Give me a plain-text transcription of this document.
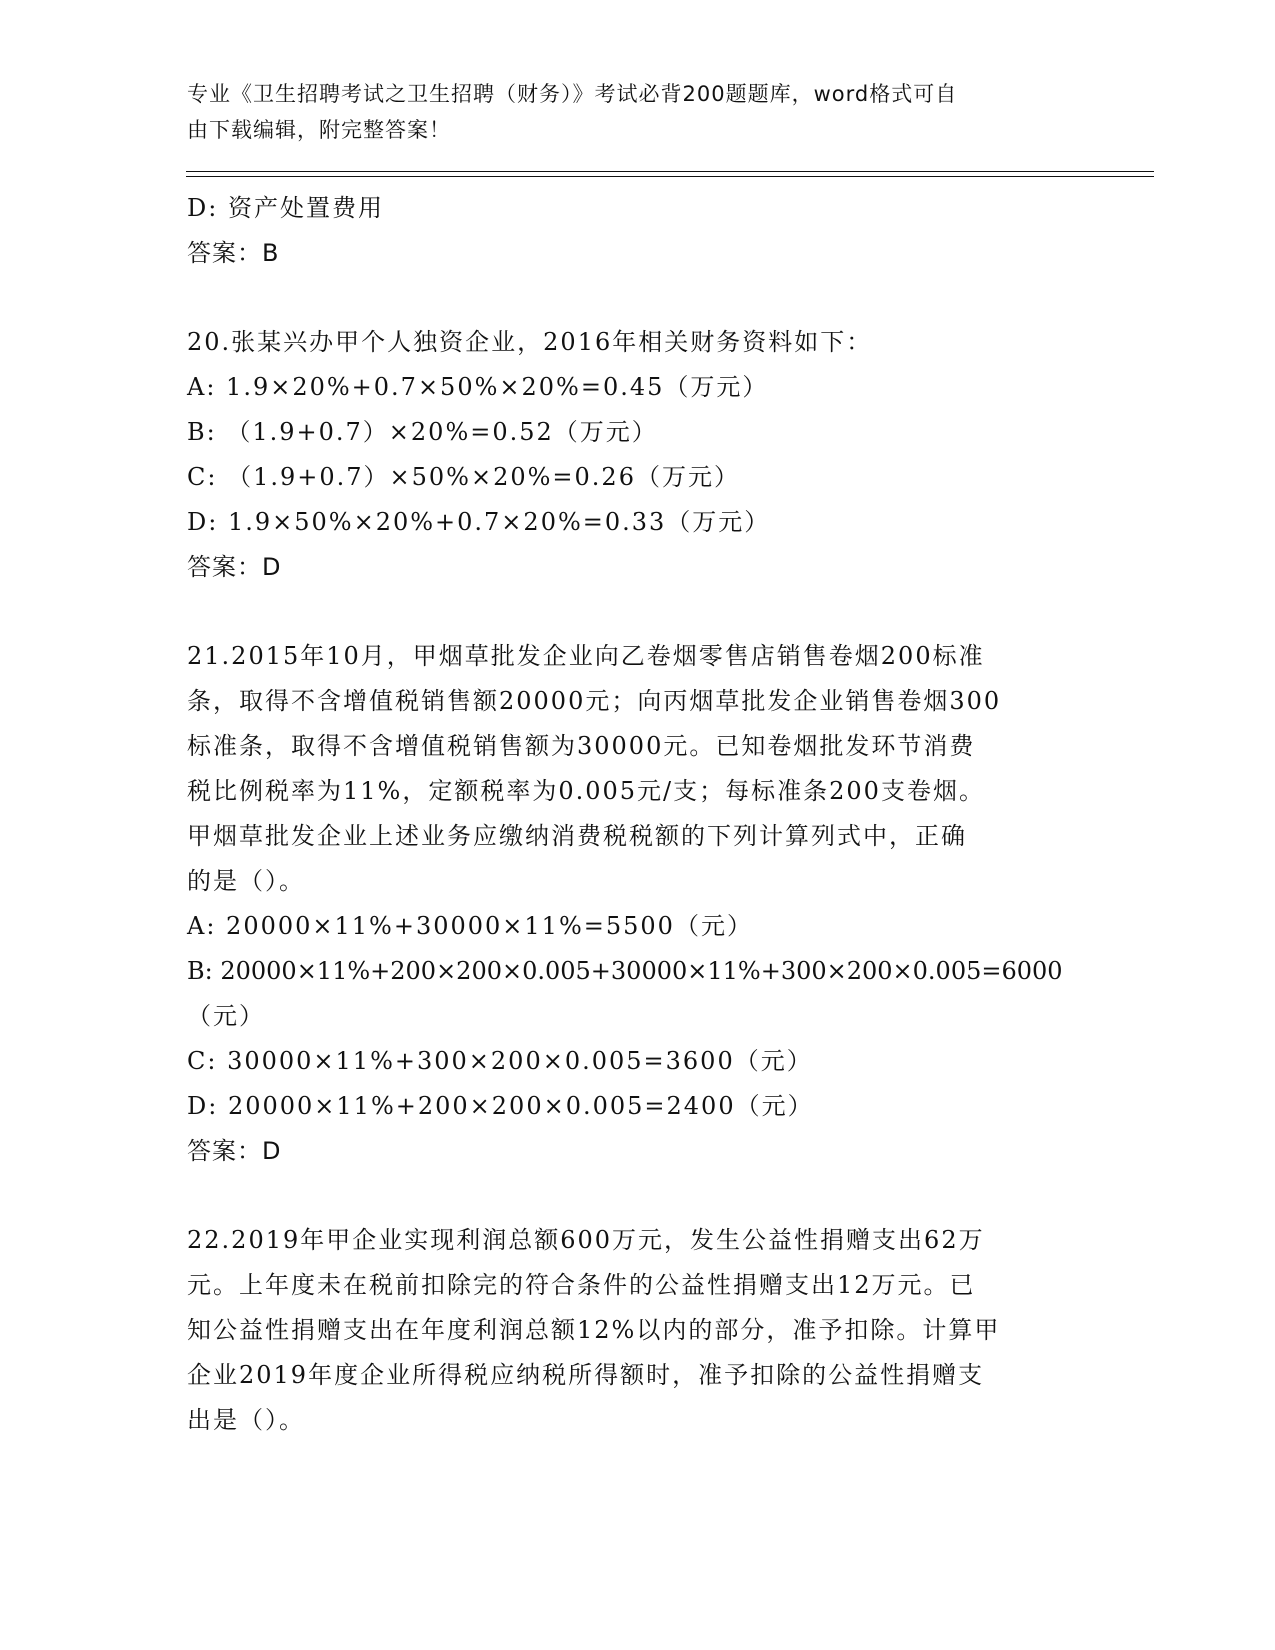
专业《卫生招聘考试之卫生招聘（财务）》考试必背200题题库，word格式可自
由下载编辑，附完整答案！
D: 资产处置费用
答案：B
20.张某兴办甲个人独资企业，2016年相关财务资料如下：
A: 1.9×20%+0.7×50%×20%=0.45（万元）
B: （1.9+0.7）×20%=0.52（万元）
C: （1.9+0.7）×50%×20%=0.26（万元）
D: 1.9×50%×20%+0.7×20%=0.33（万元）
答案：D
21.2015年10月，甲烟草批发企业向乙卷烟零售店销售卷烟200标准
条，取得不含增值税销售额20000元；向丙烟草批发企业销售卷烟300
标准条，取得不含增值税销售额为30000元。已知卷烟批发环节消费
税比例税率为11%，定额税率为0.005元/支；每标准条200支卷烟。
甲烟草批发企业上述业务应缴纳消费税税额的下列计算列式中，正确
的是（）。
A: 20000×11%+30000×11%=5500（元）
B: 20000×11%+200×200×0.005+30000×11%+300×200×0.005=6000
（元）
C: 30000×11%+300×200×0.005=3600（元）
D: 20000×11%+200×200×0.005=2400（元）
答案：D
22.2019年甲企业实现利润总额600万元，发生公益性捐赠支出62万
元。上年度未在税前扣除完的符合条件的公益性捐赠支出12万元。已
知公益性捐赠支出在年度利润总额12%以内的部分，准予扣除。计算甲
企业2019年度企业所得税应纳税所得额时，准予扣除的公益性捐赠支
出是（）。
